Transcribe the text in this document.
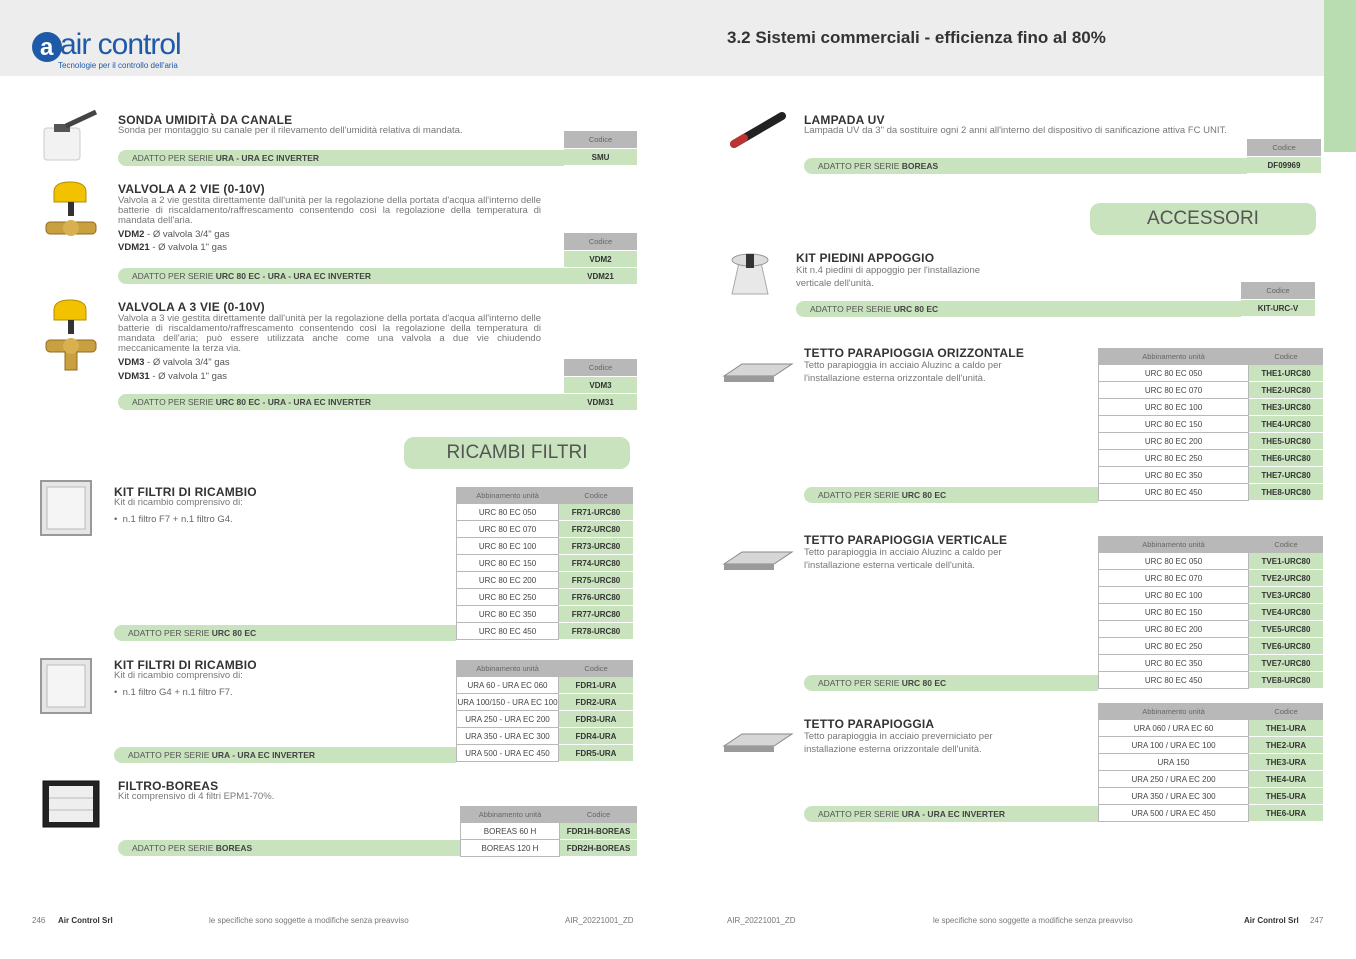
a air control
Tecnologie per il controllo dell'aria
3.2 Sistemi commerciali - efficienza fino al 80%
SONDA UMIDITÀ DA CANALE
Sonda per montaggio su canale per il rilevamento dell'umidità relativa di mandata.
Codice
ADATTO PER SERIE URA - URA EC INVERTER	SMU
VALVOLA A 2 VIE (0-10V)
Valvola a 2 vie gestita direttamente dall'unità per la regolazione della portata d'acqua all'interno delle batterie di riscaldamento/raffrescamento consentendo così la regolazione della temperatura di mandata dell'aria.
VDM2 - Ø valvola 3/4" gas
VDM21 - Ø valvola 1" gas
Codice
VDM2
ADATTO PER SERIE URC 80 EC - URA - URA EC INVERTER	VDM21
VALVOLA A 3 VIE (0-10V)
Valvola a 3 vie gestita direttamente dall'unità per la regolazione della portata d'acqua all'interno delle batterie di riscaldamento/raffrescamento consentendo così la regolazione della temperatura di mandata dell'aria; può essere utilizzata anche come una valvola a due vie chiudendo meccanicamente la terza via.
VDM3 - Ø valvola 3/4" gas
VDM31 - Ø valvola 1" gas
Codice
VDM3
ADATTO PER SERIE URC 80 EC - URA - URA EC INVERTER	VDM31
RICAMBI FILTRI
KIT FILTRI DI RICAMBIO
Kit di ricambio comprensivo di:
•  n.1 filtro F7 + n.1 filtro G4.
Abbinamento unità	Codice
URC 80 EC 050	FR71-URC80
URC 80 EC 070	FR72-URC80
URC 80 EC 100	FR73-URC80
URC 80 EC 150	FR74-URC80
URC 80 EC 200	FR75-URC80
URC 80 EC 250	FR76-URC80
URC 80 EC 350	FR77-URC80
URC 80 EC 450	FR78-URC80
ADATTO PER SERIE URC 80 EC
KIT FILTRI DI RICAMBIO
Kit di ricambio comprensivo di:
•  n.1 filtro G4 + n.1 filtro F7.
Abbinamento unità	Codice
URA 60 - URA EC 060	FDR1-URA
URA 100/150 - URA EC 100	FDR2-URA
URA 250 - URA EC 200	FDR3-URA
URA 350 - URA EC 300	FDR4-URA
URA 500 - URA EC 450	FDR5-URA
ADATTO PER SERIE URA - URA EC INVERTER
FILTRO-BOREAS
Kit comprensivo di 4 filtri EPM1-70%.
Abbinamento unità	Codice
BOREAS 60 H	FDR1H-BOREAS
BOREAS 120 H	FDR2H-BOREAS
ADATTO PER SERIE BOREAS
LAMPADA UV
Lampada UV da 3" da sostituire ogni 2 anni all'interno del dispositivo di sanificazione attiva FC UNIT.
Codice
ADATTO PER SERIE BOREAS	DF09969
ACCESSORI
KIT PIEDINI APPOGGIO
Kit n.4 piedini di appoggio per l'installazione verticale dell'unità.
Codice
ADATTO PER SERIE URC 80 EC	KIT-URC-V
TETTO PARAPIOGGIA ORIZZONTALE
Tetto parapioggia in acciaio Aluzinc a caldo per l'installazione esterna orizzontale dell'unità.
Abbinamento unità	Codice
URC 80 EC 050	THE1-URC80
URC 80 EC 070	THE2-URC80
URC 80 EC 100	THE3-URC80
URC 80 EC 150	THE4-URC80
URC 80 EC 200	THE5-URC80
URC 80 EC 250	THE6-URC80
URC 80 EC 350	THE7-URC80
URC 80 EC 450	THE8-URC80
ADATTO PER SERIE URC 80 EC
TETTO PARAPIOGGIA VERTICALE
Tetto parapioggia in acciaio Aluzinc a caldo per l'installazione esterna verticale dell'unità.
Abbinamento unità	Codice
URC 80 EC 050	TVE1-URC80
URC 80 EC 070	TVE2-URC80
URC 80 EC 100	TVE3-URC80
URC 80 EC 150	TVE4-URC80
URC 80 EC 200	TVE5-URC80
URC 80 EC 250	TVE6-URC80
URC 80 EC 350	TVE7-URC80
URC 80 EC 450	TVE8-URC80
ADATTO PER SERIE URC 80 EC
TETTO PARAPIOGGIA
Tetto parapioggia in acciaio preverniciato per installazione esterna orizzontale dell'unità.
Abbinamento unità	Codice
URA 060 / URA EC 60	THE1-URA
URA 100 / URA EC 100	THE2-URA
URA 150	THE3-URA
URA 250 / URA EC 200	THE4-URA
URA 350 / URA EC 300	THE5-URA
URA 500 / URA EC 450	THE6-URA
ADATTO PER SERIE URA - URA EC INVERTER
246 Air Control Srl	le specifiche sono soggette a modifiche senza preavviso	AIR_20221001_ZD	AIR_20221001_ZD	le specifiche sono soggette a modifiche senza preavviso	Air Control Srl 247
